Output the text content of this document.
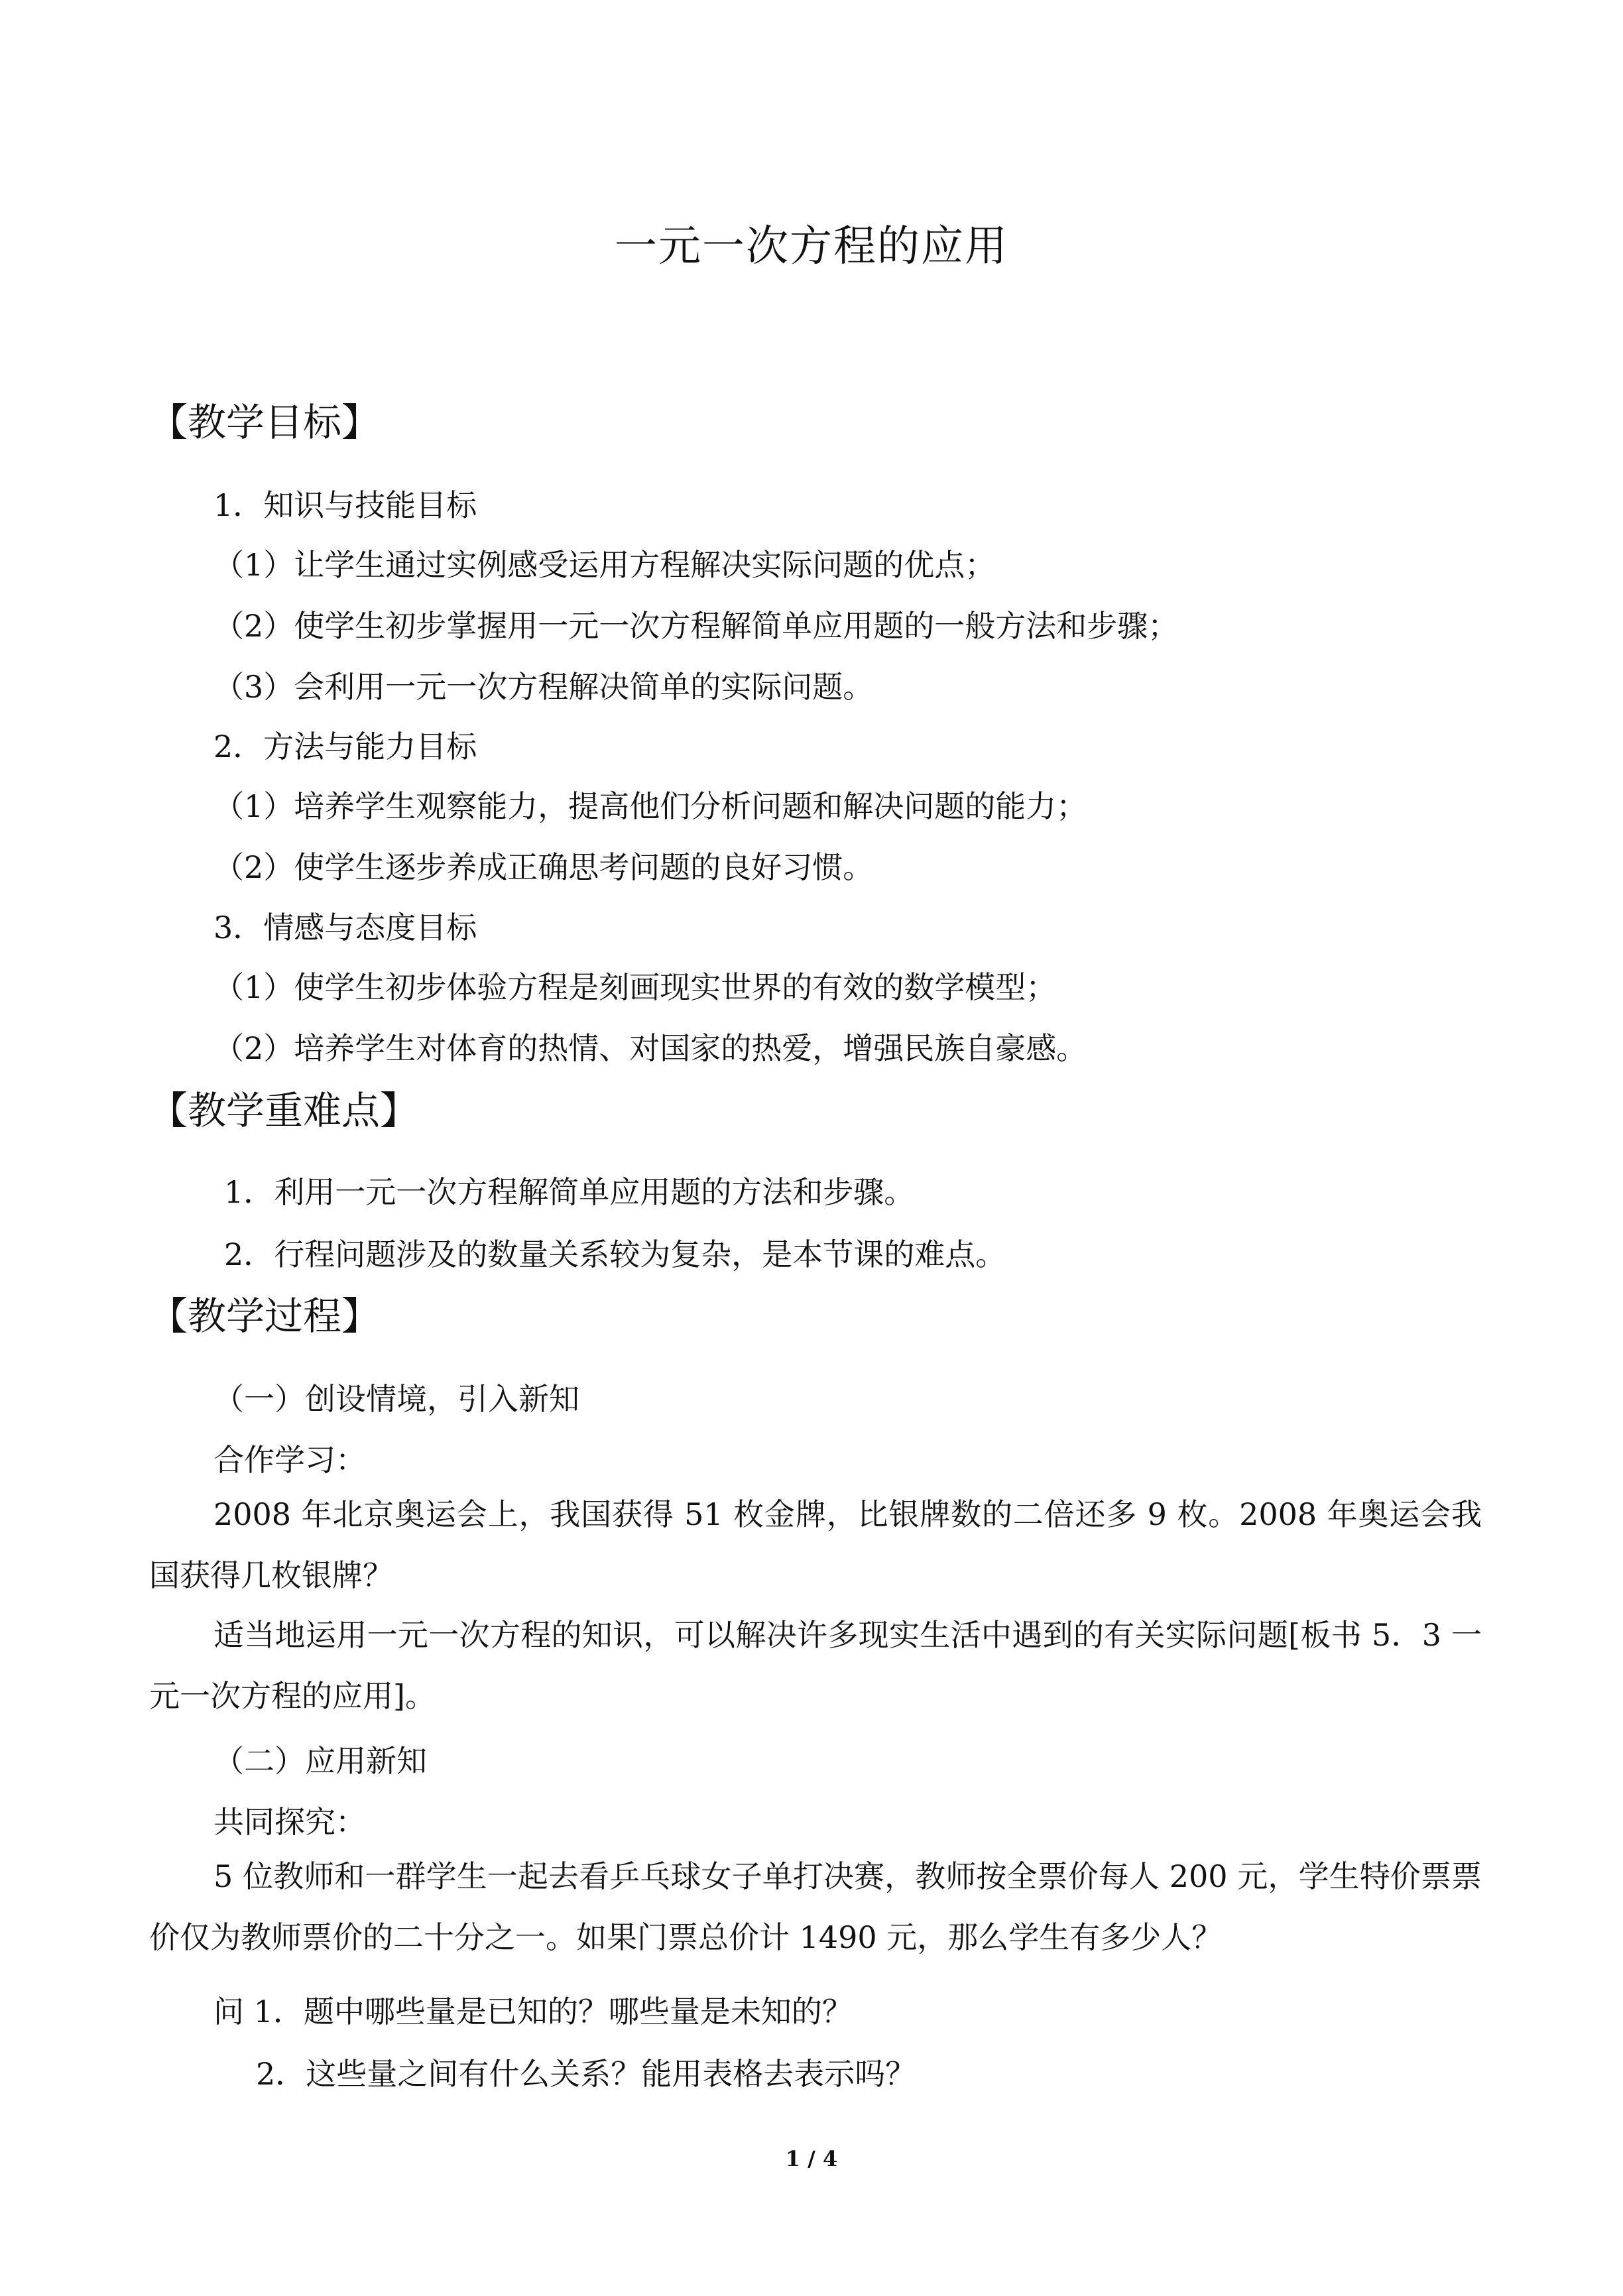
一元一次方程的应用
【教学目标】
1．知识与技能目标
（1）让学生通过实例感受运用方程解决实际问题的优点；
（2）使学生初步掌握用一元一次方程解简单应用题的一般方法和步骤；
（3）会利用一元一次方程解决简单的实际问题。
2．方法与能力目标
（1）培养学生观察能力，提高他们分析问题和解决问题的能力；
（2）使学生逐步养成正确思考问题的良好习惯。
3．情感与态度目标
（1）使学生初步体验方程是刻画现实世界的有效的数学模型；
（2）培养学生对体育的热情、对国家的热爱，增强民族自豪感。
【教学重难点】
1．利用一元一次方程解简单应用题的方法和步骤。
2．行程问题涉及的数量关系较为复杂，是本节课的难点。
【教学过程】
（一）创设情境，引入新知
合作学习：
2008 年北京奥运会上，我国获得 51 枚金牌，比银牌数的二倍还多 9 枚。2008 年奥运会我国获得几枚银牌？
适当地运用一元一次方程的知识，可以解决许多现实生活中遇到的有关实际问题[板书 5．3 一元一次方程的应用]。
（二）应用新知
共同探究：
5 位教师和一群学生一起去看乒乓球女子单打决赛，教师按全票价每人 200 元，学生特价票票价仅为教师票价的二十分之一。如果门票总价计 1490 元，那么学生有多少人？
问 1．题中哪些量是已知的？哪些量是未知的？
2．这些量之间有什么关系？能用表格去表示吗？
1 / 4
